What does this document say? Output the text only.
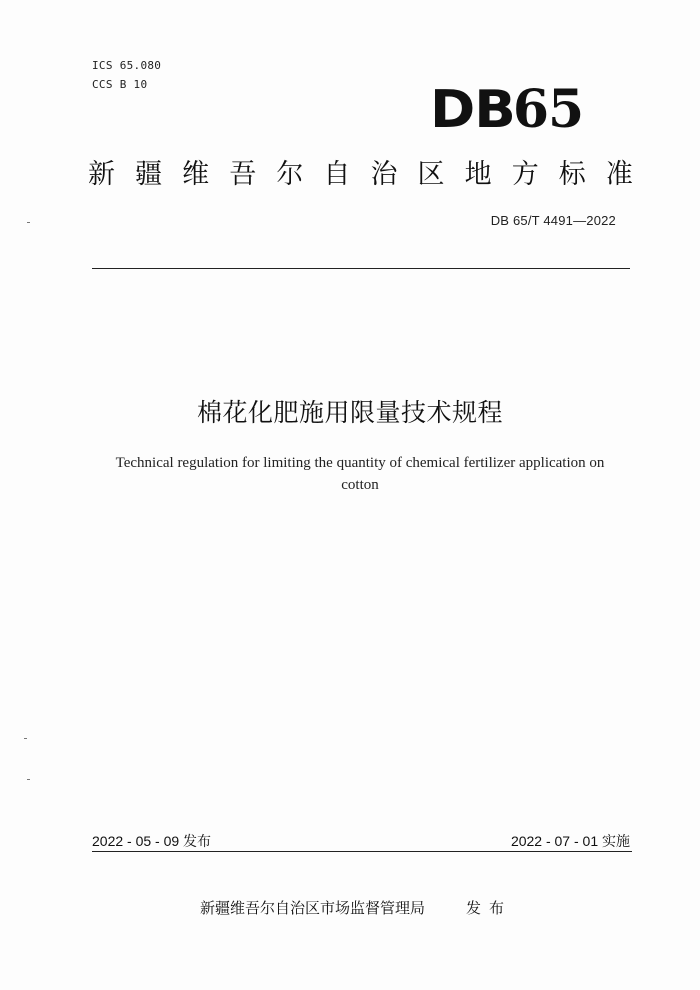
ICS 65.080
CCS B 10	DB65
新 疆 维 吾 尔 自 治 区 地 方 标 准
DB 65/T 4491—2022
棉花化肥施用限量技术规程
Technical regulation for limiting the quantity of chemical fertilizer application on cotton
2022 - 05 - 09 发布	2022 - 07 - 01 实施
新疆维吾尔自治区市场监督管理局	发布
